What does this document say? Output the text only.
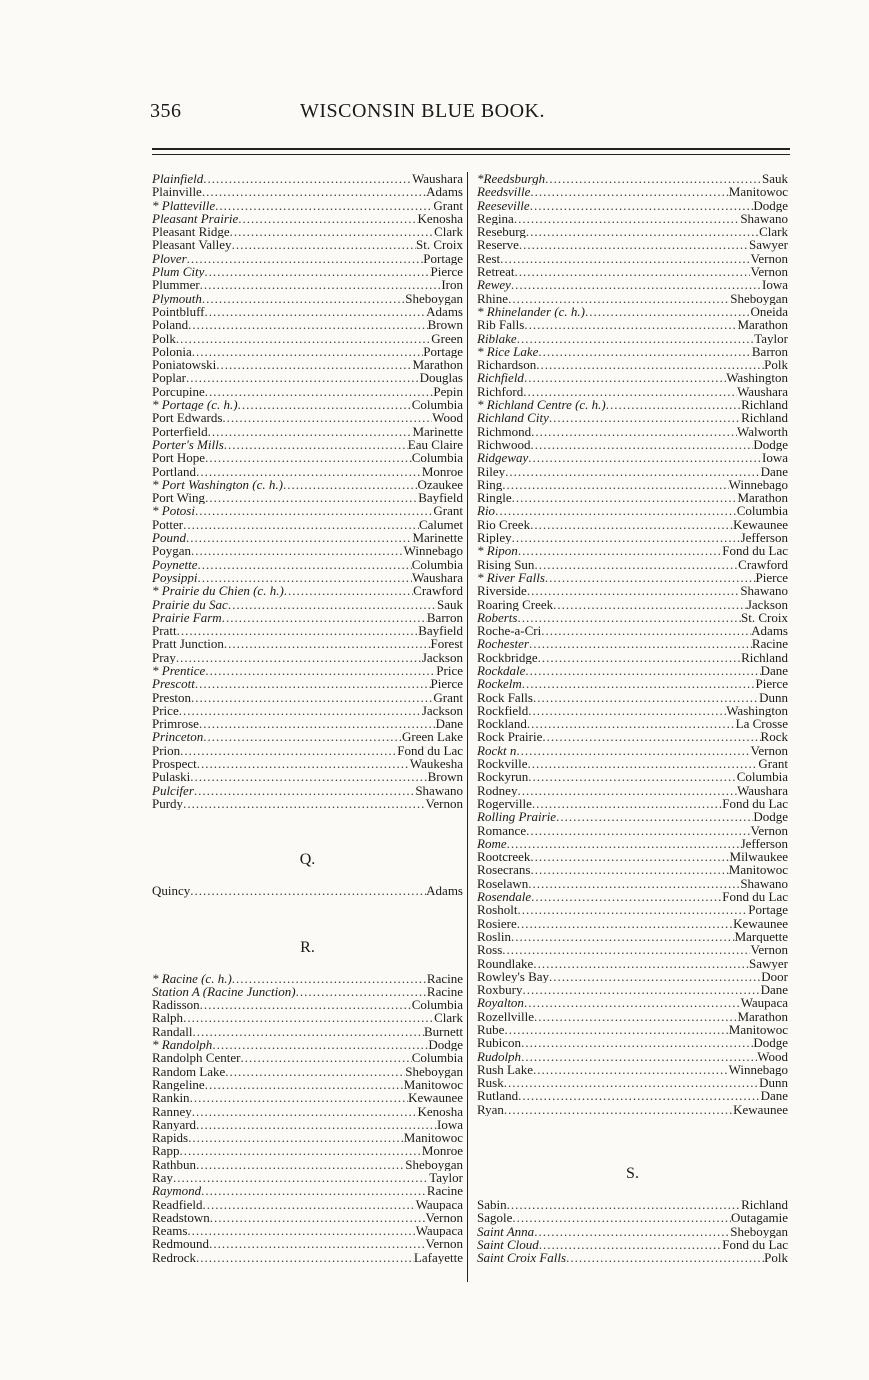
356	WISCONSIN BLUE BOOK.
Plainfield .....	Waushara
Plainville .....	Adams
* Platteville .....	Grant
Pleasant Prairie .....	Kenosha
Pleasant Ridge .....	Clark
Pleasant Valley .....	St. Croix
Plover .....	Portage
Plum City .....	Pierce
Plummer .....	Iron
Plymouth .....	Sheboygan
Pointbluff .....	Adams
Poland .....	Brown
Polk .....	Green
Polonia .....	Portage
Poniatowski .....	Marathon
Poplar .....	Douglas
Porcupine .....	Pepin
* Portage (c. h.) .....	Columbia
Port Edwards .....	Wood
Porterfield .....	Marinette
Porter's Mills .....	Eau Claire
Port Hope .....	Columbia
Portland .....	Monroe
* Port Washington (c. h.) .....	Ozaukee
Port Wing .....	Bayfield
* Potosi .....	Grant
Potter .....	Calumet
Pound .....	Marinette
Poygan .....	Winnebago
Poynette .....	Columbia
Poysippi .....	Waushara
* Prairie du Chien (c. h.) .....	Crawford
Prairie du Sac .....	Sauk
Prairie Farm .....	Barron
Pratt .....	Bayfield
Pratt Junction .....	Forest
Pray .....	Jackson
* Prentice .....	Price
Prescott .....	Pierce
Preston .....	Grant
Price .....	Jackson
Primrose .....	Dane
Princeton .....	Green Lake
Prion .....	Fond du Lac
Prospect .....	Waukesha
Pulaski .....	Brown
Pulcifer .....	Shawano
Purdy .....	Vernon
Q.
Quincy .....	Adams
R.
* Racine (c. h.) .....	Racine
Station A (Racine Junction) .....	Racine
Radisson .....	Columbia
Ralph .....	Clark
Randall .....	Burnett
* Randolph .....	Dodge
Randolph Center .....	Columbia
Random Lake .....	Sheboygan
Rangeline .....	Manitowoc
Rankin .....	Kewaunee
Ranney .....	Kenosha
Ranyard .....	Iowa
Rapids .....	Manitowoc
Rapp .....	Monroe
Rathbun .....	Sheboygan
Ray .....	Taylor
Raymond .....	Racine
Readfield .....	Waupaca
Readstown .....	Vernon
Reams .....	Waupaca
Redmound .....	Vernon
Redrock .....	Lafayette
*Reedsburgh .....	Sauk
Reedsville .....	Manitowoc
Reeseville .....	Dodge
Regina .....	Shawano
Reseburg .....	Clark
Reserve .....	Sawyer
Rest .....	Vernon
Retreat .....	Vernon
Rewey .....	Iowa
Rhine .....	Sheboygan
* Rhinelander (c. h.) .....	Oneida
Rib Falls .....	Marathon
Riblake .....	Taylor
* Rice Lake .....	Barron
Richardson .....	Polk
Richfield .....	Washington
Richford .....	Waushara
* Richland Centre (c. h.) .....	Richland
Richland City .....	Richland
Richmond .....	Walworth
Richwood .....	Dodge
Ridgeway .....	Iowa
Riley .....	Dane
Ring .....	Winnebago
Ringle .....	Marathon
Rio .....	Columbia
Rio Creek .....	Kewaunee
Ripley .....	Jefferson
* Ripon .....	Fond du Lac
Rising Sun .....	Crawford
* River Falls .....	Pierce
Riverside .....	Shawano
Roaring Creek .....	Jackson
Roberts .....	St. Croix
Roche-a-Cri .....	Adams
Rochester .....	Racine
Rockbridge .....	Richland
Rockdale .....	Dane
Rockelm .....	Pierce
Rock Falls .....	Dunn
Rockfield .....	Washington
Rockland .....	La Crosse
Rock Prairie .....	Rock
Rockt n .....	Vernon
Rockville .....	Grant
Rockyrun .....	Columbia
Rodney .....	Waushara
Rogerville .....	Fond du Lac
Rolling Prairie .....	Dodge
Romance .....	Vernon
Rome .....	Jefferson
Rootcreek .....	Milwaukee
Rosecrans .....	Manitowoc
Roselawn .....	Shawano
Rosendale .....	Fond du Lac
Rosholt .....	Portage
Rosiere .....	Kewaunee
Roslin .....	Marquette
Ross .....	Vernon
Roundlake .....	Sawyer
Rowley's Bay .....	Door
Roxbury .....	Dane
Royalton .....	Waupaca
Rozellville .....	Marathon
Rube .....	Manitowoc
Rubicon .....	Dodge
Rudolph .....	Wood
Rush Lake .....	Winnebago
Rusk .....	Dunn
Rutland .....	Dane
Ryan .....	Kewaunee
S.
Sabin .....	Richland
Sagole .....	Outagamie
Saint Anna .....	Sheboygan
Saint Cloud .....	Fond du Lac
Saint Croix Falls .....	Polk
